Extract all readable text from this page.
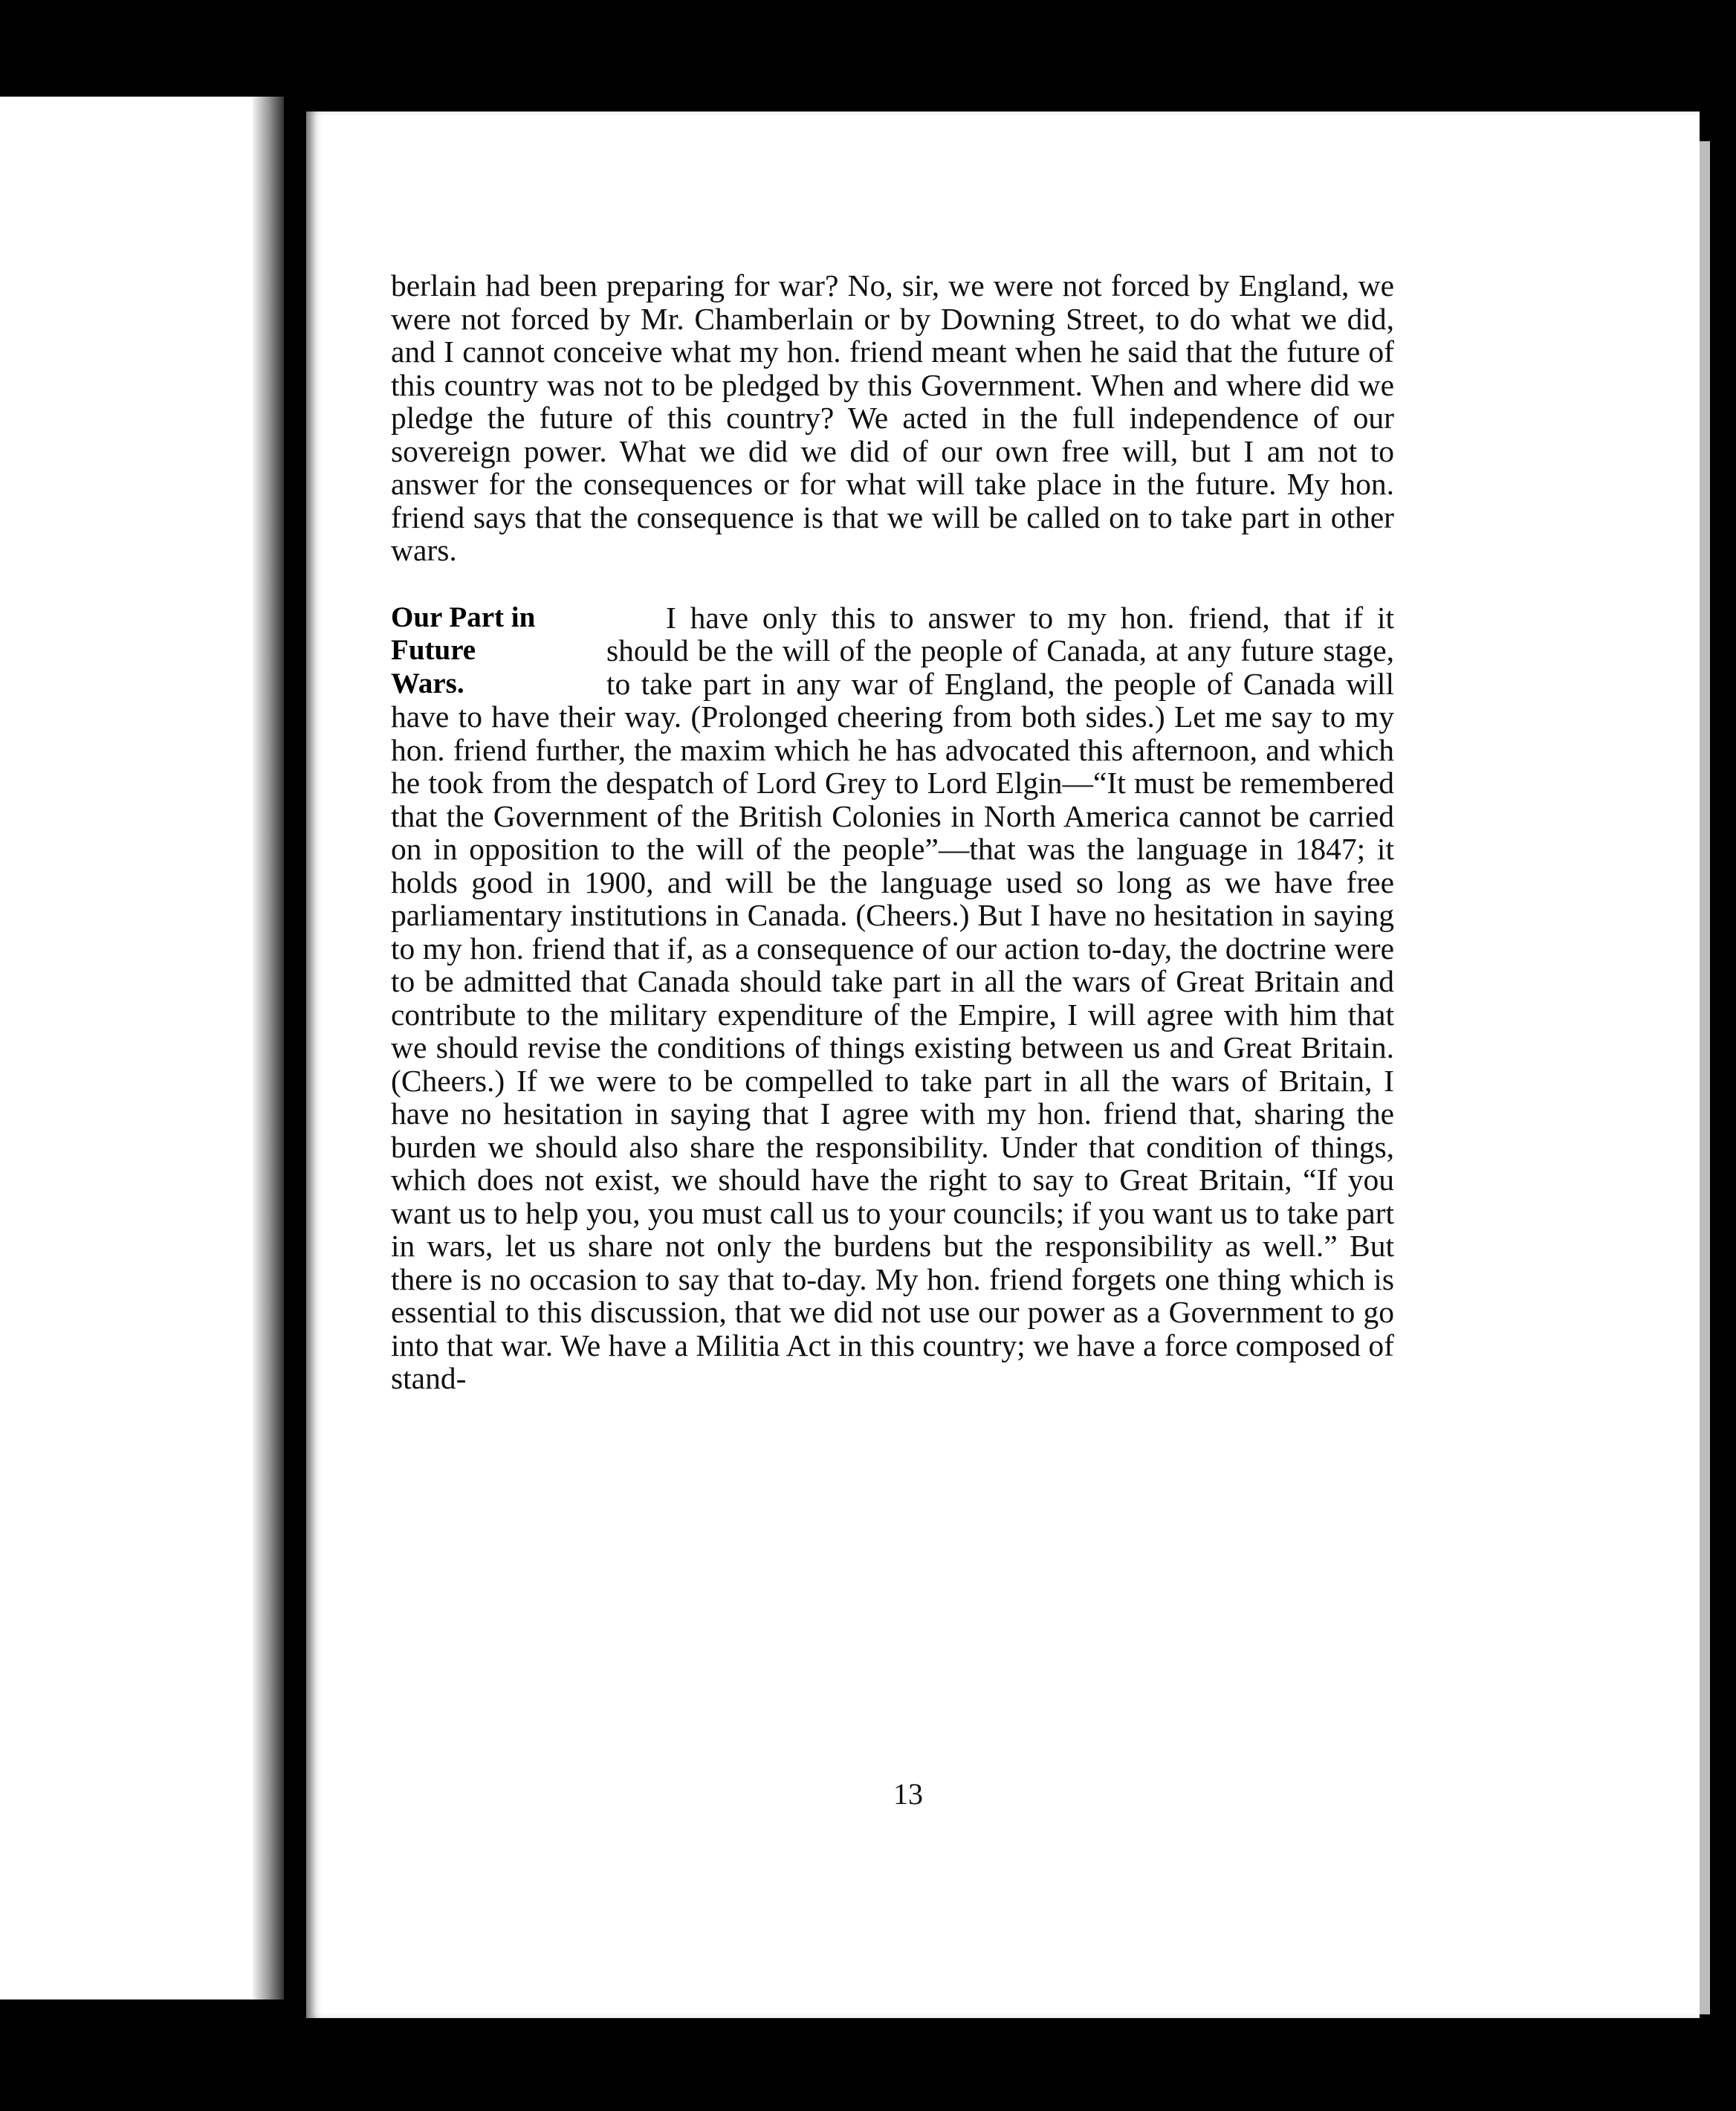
berlain had been preparing for war? No, sir, we were not forced by England, we were not forced by Mr. Chamberlain or by Downing Street, to do what we did, and I cannot conceive what my hon. friend meant when he said that the future of this country was not to be pledged by this Government. When and where did we pledge the future of this country? We acted in the full independence of our sovereign power. What we did we did of our own free will, but I am not to answer for the consequences or for what will take place in the future. My hon. friend says that the consequence is that we will be called on to take part in other wars.

Our Part in
Future
Wars.

I have only this to answer to my hon. friend, that if it should be the will of the people of Canada, at any future stage, to take part in any war of England, the people of Canada will have to have their way. (Prolonged cheering from both sides.) Let me say to my hon. friend further, the maxim which he has advocated this afternoon, and which he took from the despatch of Lord Grey to Lord Elgin—“It must be remembered that the Government of the British Colonies in North America cannot be carried on in opposition to the will of the people”—that was the language in 1847; it holds good in 1900, and will be the language used so long as we have free parliamentary institutions in Canada. (Cheers.) But I have no hesitation in saying to my hon. friend that if, as a consequence of our action to-day, the doctrine were to be admitted that Canada should take part in all the wars of Great Britain and contribute to the military expenditure of the Empire, I will agree with him that we should revise the conditions of things existing between us and Great Britain. (Cheers.) If we were to be compelled to take part in all the wars of Britain, I have no hesitation in saying that I agree with my hon. friend that, sharing the burden we should also share the responsibility. Under that condition of things, which does not exist, we should have the right to say to Great Britain, “If you want us to help you, you must call us to your councils; if you want us to take part in wars, let us share not only the burdens but the responsibility as well.” But there is no occasion to say that to-day. My hon. friend forgets one thing which is essential to this discussion, that we did not use our power as a Government to go into that war. We have a Militia Act in this country; we have a force composed of stand-

13
